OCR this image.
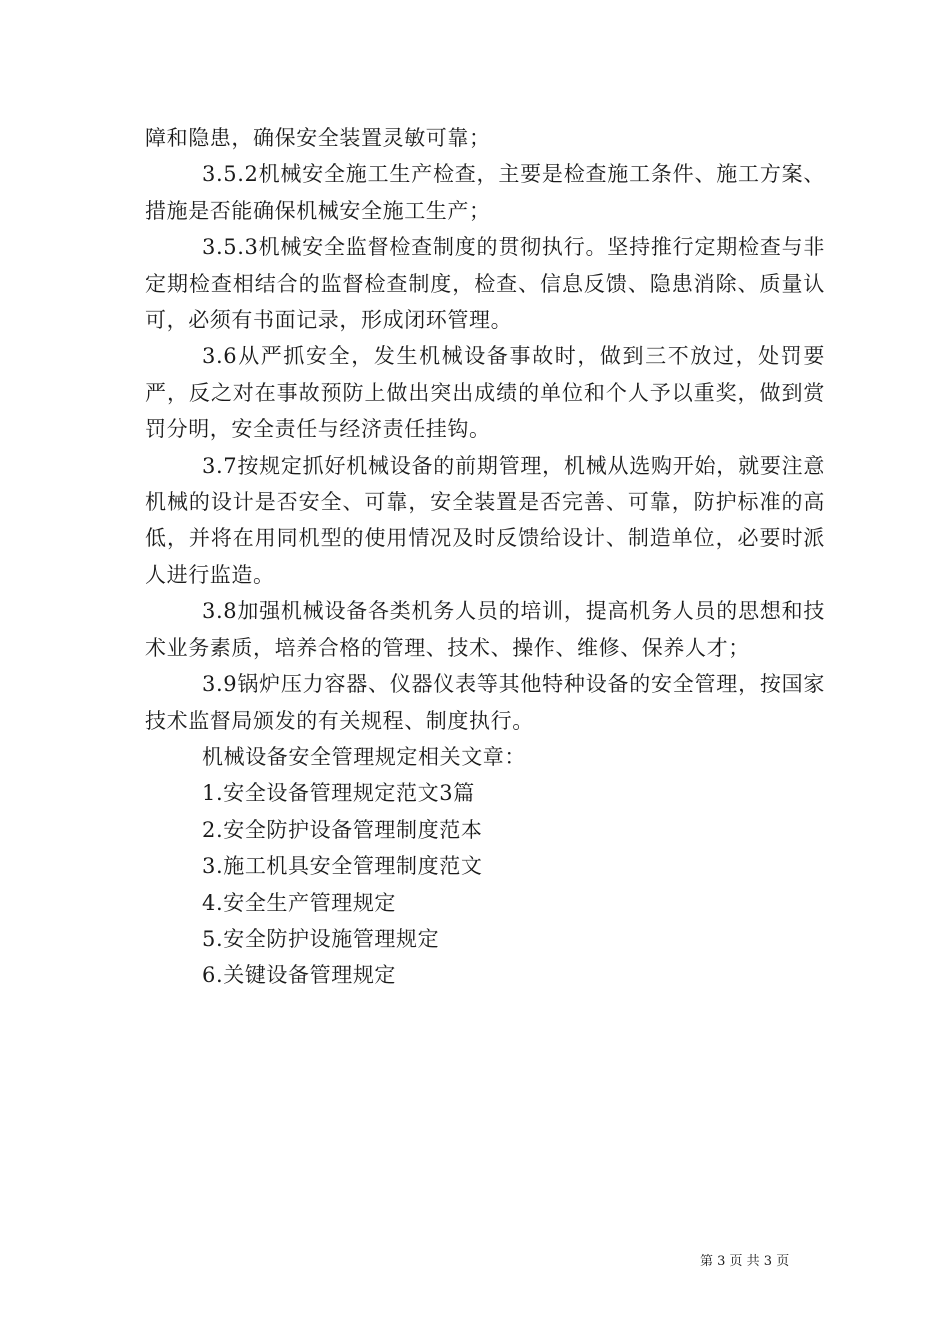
障和隐患，确保安全装置灵敏可靠；

3.5.2机械安全施工生产检查，主要是检查施工条件、施工方案、措施是否能确保机械安全施工生产；

3.5.3机械安全监督检查制度的贯彻执行。坚持推行定期检查与非定期检查相结合的监督检查制度，检查、信息反馈、隐患消除、质量认可，必须有书面记录，形成闭环管理。

3.6从严抓安全，发生机械设备事故时，做到三不放过，处罚要严，反之对在事故预防上做出突出成绩的单位和个人予以重奖，做到赏罚分明，安全责任与经济责任挂钩。

3.7按规定抓好机械设备的前期管理，机械从选购开始，就要注意机械的设计是否安全、可靠，安全装置是否完善、可靠，防护标准的高低，并将在用同机型的使用情况及时反馈给设计、制造单位，必要时派人进行监造。

3.8加强机械设备各类机务人员的培训，提高机务人员的思想和技术业务素质，培养合格的管理、技术、操作、维修、保养人才；

3.9锅炉压力容器、仪器仪表等其他特种设备的安全管理，按国家技术监督局颁发的有关规程、制度执行。

机械设备安全管理规定相关文章：

1.安全设备管理规定范文3篇

2.安全防护设备管理制度范本

3.施工机具安全管理制度范文

4.安全生产管理规定

5.安全防护设施管理规定

6.关键设备管理规定

第 3 页 共 3 页
